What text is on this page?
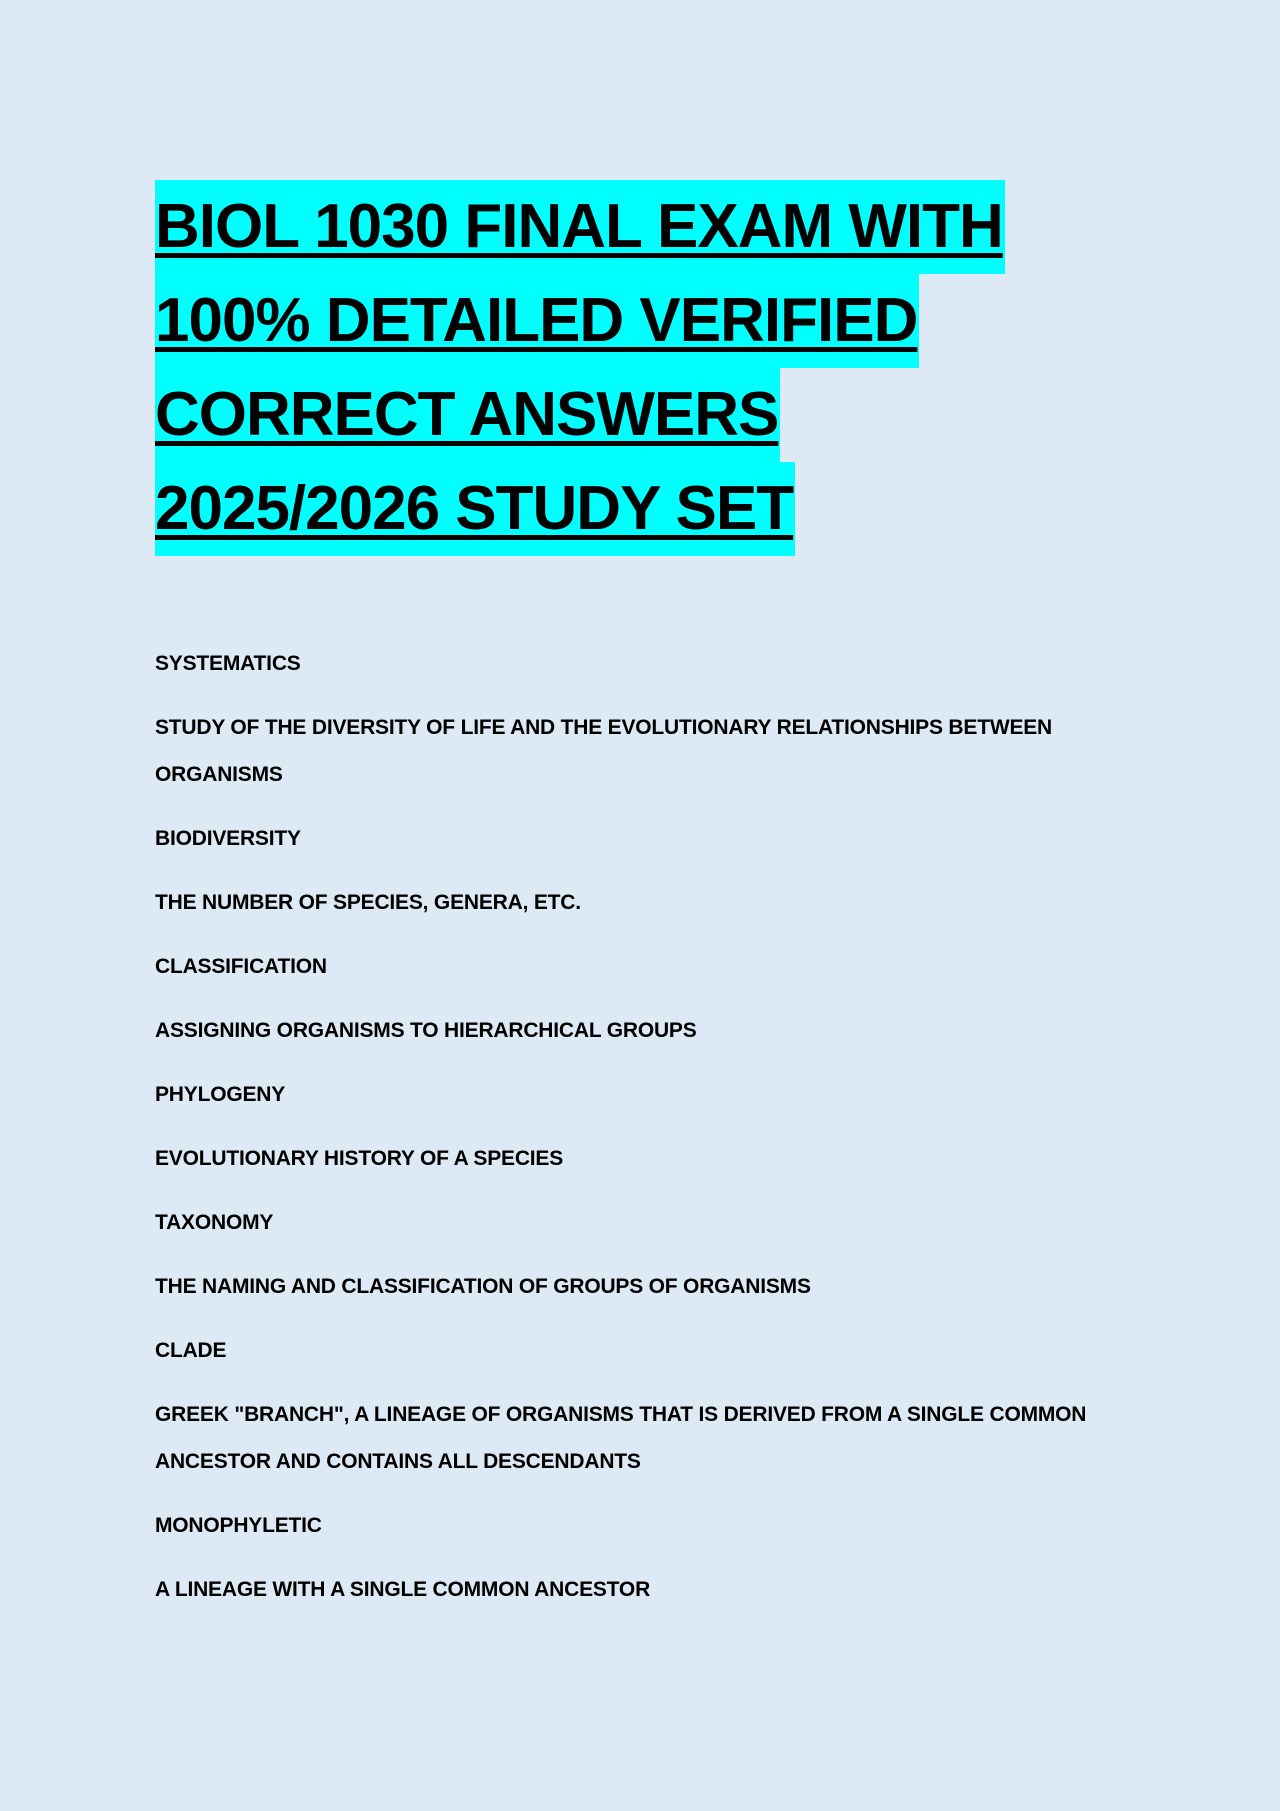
BIOL 1030 FINAL EXAM WITH
100% DETAILED VERIFIED
CORRECT ANSWERS
2025/2026 STUDY SET
SYSTEMATICS
STUDY OF THE DIVERSITY OF LIFE AND THE EVOLUTIONARY RELATIONSHIPS BETWEEN ORGANISMS
BIODIVERSITY
THE NUMBER OF SPECIES, GENERA, ETC.
CLASSIFICATION
ASSIGNING ORGANISMS TO HIERARCHICAL GROUPS
PHYLOGENY
EVOLUTIONARY HISTORY OF A SPECIES
TAXONOMY
THE NAMING AND CLASSIFICATION OF GROUPS OF ORGANISMS
CLADE
GREEK "BRANCH", A LINEAGE OF ORGANISMS THAT IS DERIVED FROM A SINGLE COMMON ANCESTOR AND CONTAINS ALL DESCENDANTS
MONOPHYLETIC
A LINEAGE WITH A SINGLE COMMON ANCESTOR
